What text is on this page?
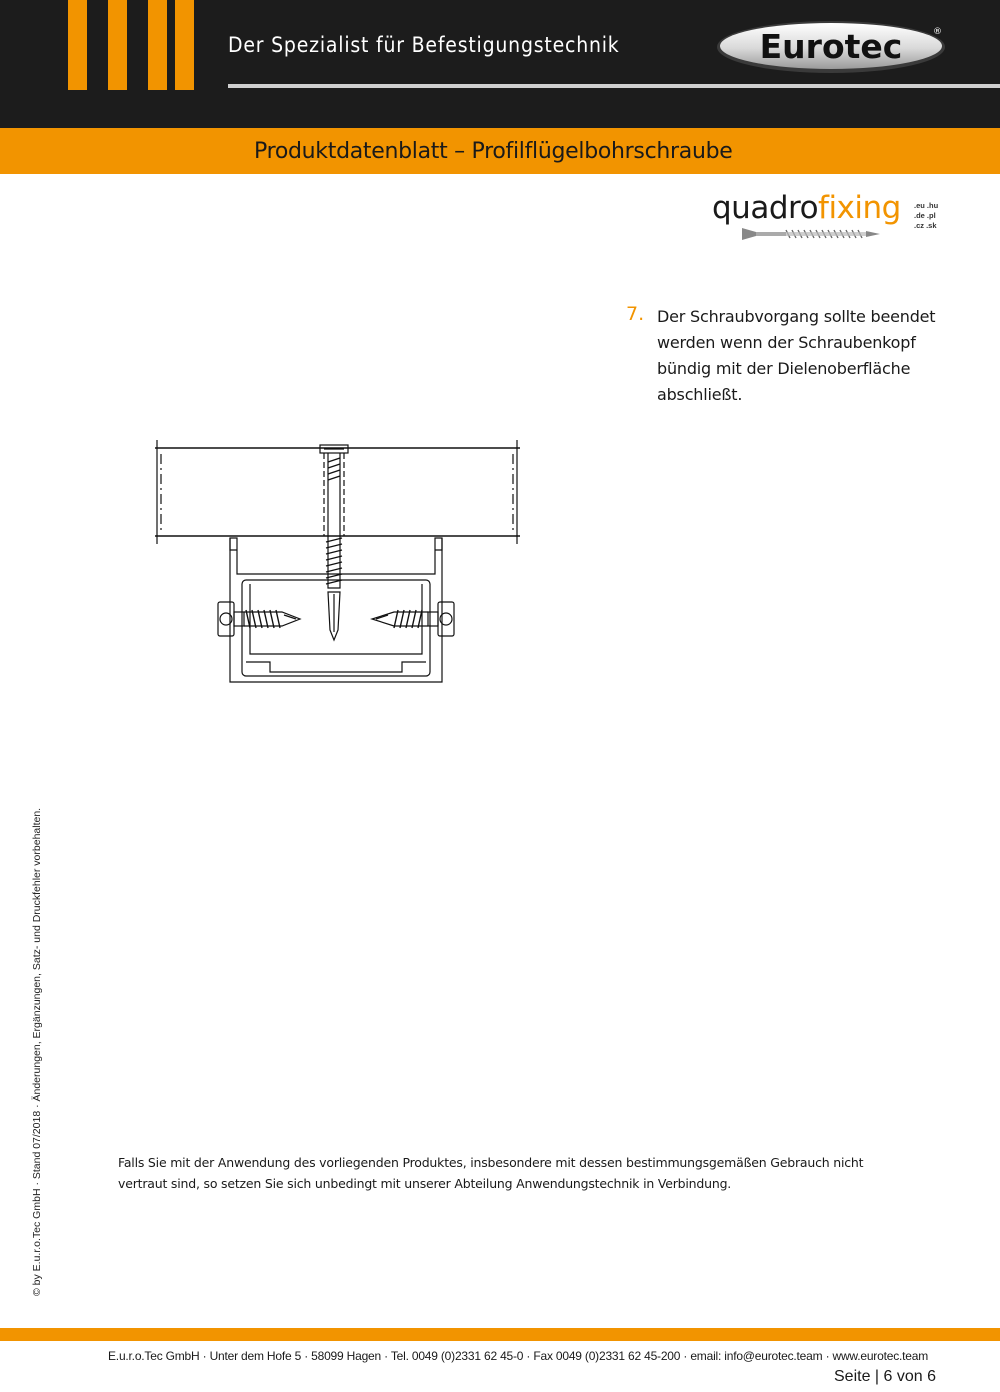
Der Spezialist für Befestigungstechnik	Eurotec	®
Produktdatenblatt – Profilflügelbohrschraube
quadrofixing .eu .hu .de .pl .cz .sk
7. Der Schraubvorgang sollte beendet werden wenn der Schraubenkopf bündig mit der Dielenoberfläche abschließt.
© by E.u.r.o.Tec GmbH · Stand 07/2018 · Änderungen, Ergänzungen, Satz- und Druckfehler vorbehalten.	Falls Sie mit der Anwendung des vorliegenden Produktes, insbesondere mit dessen bestimmungsgemäßen Gebrauch nicht vertraut sind, so setzen Sie sich unbedingt mit unserer Abteilung Anwendungstechnik in Verbindung.
E.u.r.o.Tec GmbH · Unter dem Hofe 5 · 58099 Hagen · Tel. 0049 (0)2331 62 45-0 · Fax 0049 (0)2331 62 45-200 · email: info@eurotec.team · www.eurotec.team
Seite | 6 von 6
